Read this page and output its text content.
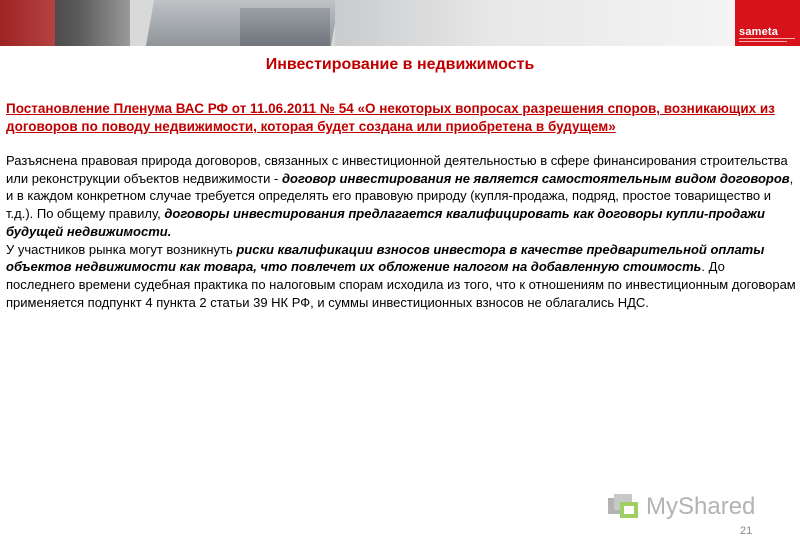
sameta
Инвестирование в недвижимость

Постановление Пленума ВАС РФ от 11.06.2011 № 54 «О некоторых вопросах разрешения споров, возникающих из договоров по поводу недвижимости, которая будет создана или приобретена в будущем»

Разъяснена правовая природа договоров, связанных с инвестиционной деятельностью в сфере финансирования строительства или реконструкции объектов недвижимости - договор инвестирования не является самостоятельным видом договоров, и в каждом конкретном случае требуется определять его правовую природу (купля-продажа, подряд, простое товарищество и т.д.). По общему правилу, договоры инвестирования предлагается квалифицировать как договоры купли-продажи будущей недвижимости.
У участников рынка могут возникнуть риски квалификации взносов инвестора в качестве предварительной оплаты объектов недвижимости как товара, что повлечет их обложение налогом на добавленную стоимость. До последнего времени судебная практика по налоговым спорам исходила из того, что к отношениям по инвестиционным договорам применяется подпункт 4 пункта 2 статьи 39 НК РФ, и суммы инвестиционных взносов не облагались НДС.

MyShared
21
